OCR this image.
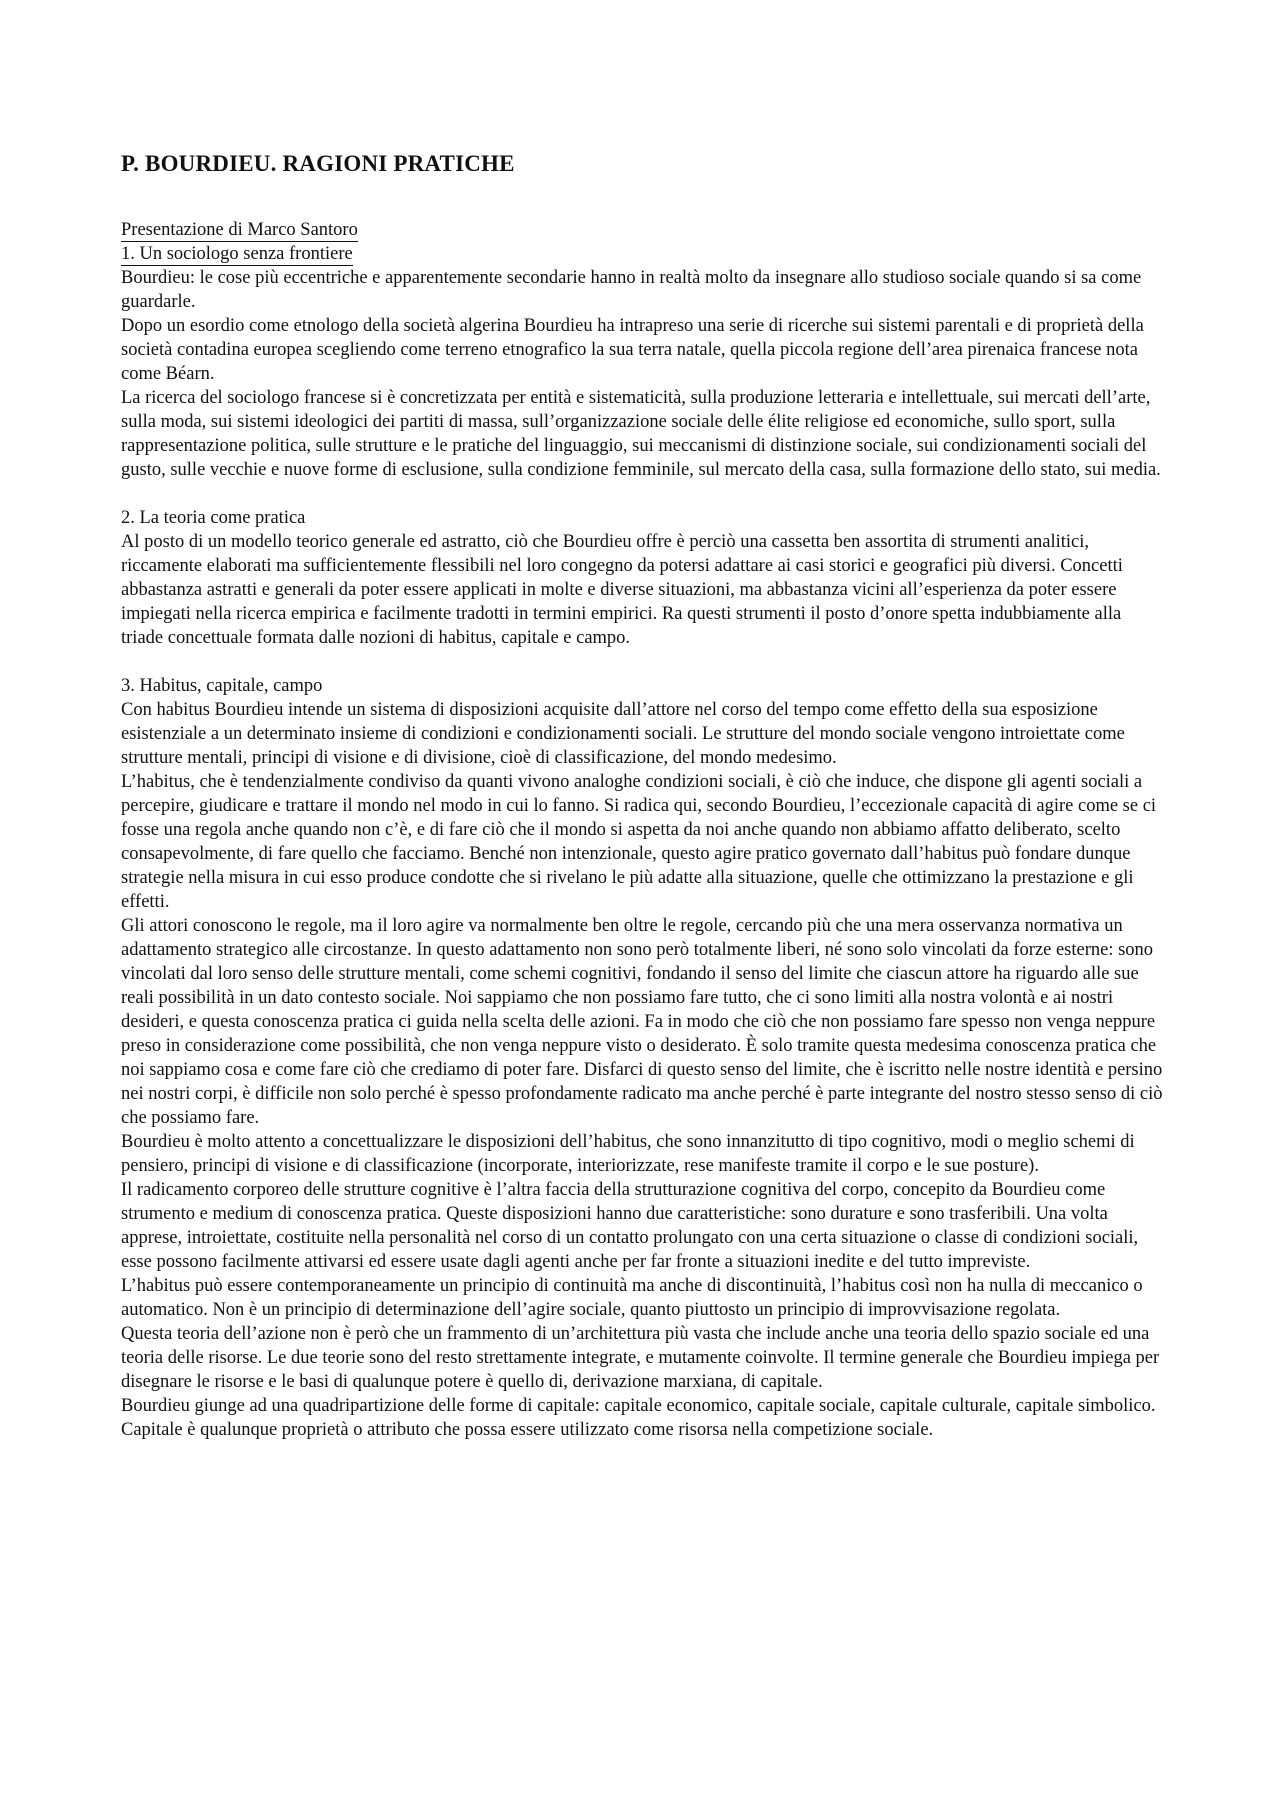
P. BOURDIEU. RAGIONI PRATICHE

Presentazione di Marco Santoro

1. Un sociologo senza frontiere

Bourdieu: le cose più eccentriche e apparentemente secondarie hanno in realtà molto da insegnare allo studioso sociale quando si sa come guardarle.

Dopo un esordio come etnologo della società algerina Bourdieu ha intrapreso una serie di ricerche sui sistemi parentali e di proprietà della società contadina europea scegliendo come terreno etnografico la sua terra natale, quella piccola regione dell’area pirenaica francese nota come Béarn.

La ricerca del sociologo francese si è concretizzata per entità e sistematicità, sulla produzione letteraria e intellettuale, sui mercati dell’arte, sulla moda, sui sistemi ideologici dei partiti di massa, sull’organizzazione sociale delle élite religiose ed economiche, sullo sport, sulla rappresentazione politica, sulle strutture e le pratiche del linguaggio, sui meccanismi di distinzione sociale, sui condizionamenti sociali del gusto, sulle vecchie e nuove forme di esclusione, sulla condizione femminile, sul mercato della casa, sulla formazione dello stato, sui media.

2. La teoria come pratica

Al posto di un modello teorico generale ed astratto, ciò che Bourdieu offre è perciò una cassetta ben assortita di strumenti analitici, riccamente elaborati ma sufficientemente flessibili nel loro congegno da potersi adattare ai casi storici e geografici più diversi. Concetti abbastanza astratti e generali da poter essere applicati in molte e diverse situazioni, ma abbastanza vicini all’esperienza da poter essere impiegati nella ricerca empirica e facilmente tradotti in termini empirici. Ra questi strumenti il posto d’onore spetta indubbiamente alla triade concettuale formata dalle nozioni di habitus, capitale e campo.

3. Habitus, capitale, campo

Con habitus Bourdieu intende un sistema di disposizioni acquisite dall’attore nel corso del tempo come effetto della sua esposizione esistenziale a un determinato insieme di condizioni e condizionamenti sociali. Le strutture del mondo sociale vengono introiettate come strutture mentali, principi di visione e di divisione, cioè di classificazione, del mondo medesimo.

L’habitus, che è tendenzialmente condiviso da quanti vivono analoghe condizioni sociali, è ciò che induce, che dispone gli agenti sociali a percepire, giudicare e trattare il mondo nel modo in cui lo fanno. Si radica qui, secondo Bourdieu, l’eccezionale capacità di agire come se ci fosse una regola anche quando non c’è, e di fare ciò che il mondo si aspetta da noi anche quando non abbiamo affatto deliberato, scelto consapevolmente, di fare quello che facciamo. Benché non intenzionale, questo agire pratico governato dall’habitus può fondare dunque strategie nella misura in cui esso produce condotte che si rivelano le più adatte alla situazione, quelle che ottimizzano la prestazione e gli effetti.

Gli attori conoscono le regole, ma il loro agire va normalmente ben oltre le regole, cercando più che una mera osservanza normativa un adattamento strategico alle circostanze. In questo adattamento non sono però totalmente liberi, né sono solo vincolati da forze esterne: sono vincolati dal loro senso delle strutture mentali, come schemi cognitivi, fondando il senso del limite che ciascun attore ha riguardo alle sue reali possibilità in un dato contesto sociale. Noi sappiamo che non possiamo fare tutto, che ci sono limiti alla nostra volontà e ai nostri desideri, e questa conoscenza pratica ci guida nella scelta delle azioni. Fa in modo che ciò che non possiamo fare spesso non venga neppure preso in considerazione come possibilità, che non venga neppure visto o desiderato. È solo tramite questa medesima conoscenza pratica che noi sappiamo cosa e come fare ciò che crediamo di poter fare. Disfarci di questo senso del limite, che è iscritto nelle nostre identità e persino nei nostri corpi, è difficile non solo perché è spesso profondamente radicato ma anche perché è parte integrante del nostro stesso senso di ciò che possiamo fare.

Bourdieu è molto attento a concettualizzare le disposizioni dell’habitus, che sono innanzitutto di tipo cognitivo, modi o meglio schemi di pensiero, principi di visione e di classificazione (incorporate, interiorizzate, rese manifeste tramite il corpo e le sue posture).

Il radicamento corporeo delle strutture cognitive è l’altra faccia della strutturazione cognitiva del corpo, concepito da Bourdieu come strumento e medium di conoscenza pratica. Queste disposizioni hanno due caratteristiche: sono durature e sono trasferibili. Una volta apprese, introiettate, costituite nella personalità nel corso di un contatto prolungato con una certa situazione o classe di condizioni sociali, esse possono facilmente attivarsi ed essere usate dagli agenti anche per far fronte a situazioni inedite e del tutto impreviste.

L’habitus può essere contemporaneamente un principio di continuità ma anche di discontinuità, l’habitus così non ha nulla di meccanico o automatico. Non è un principio di determinazione dell’agire sociale, quanto piuttosto un principio di improvvisazione regolata.

Questa teoria dell’azione non è però che un frammento di un’architettura più vasta che include anche una teoria dello spazio sociale ed una teoria delle risorse. Le due teorie sono del resto strettamente integrate, e mutamente coinvolte. Il termine generale che Bourdieu impiega per disegnare le risorse e le basi di qualunque potere è quello di, derivazione marxiana, di capitale.

Bourdieu giunge ad una quadripartizione delle forme di capitale: capitale economico, capitale sociale, capitale culturale, capitale simbolico.

Capitale è qualunque proprietà o attributo che possa essere utilizzato come risorsa nella competizione sociale.
